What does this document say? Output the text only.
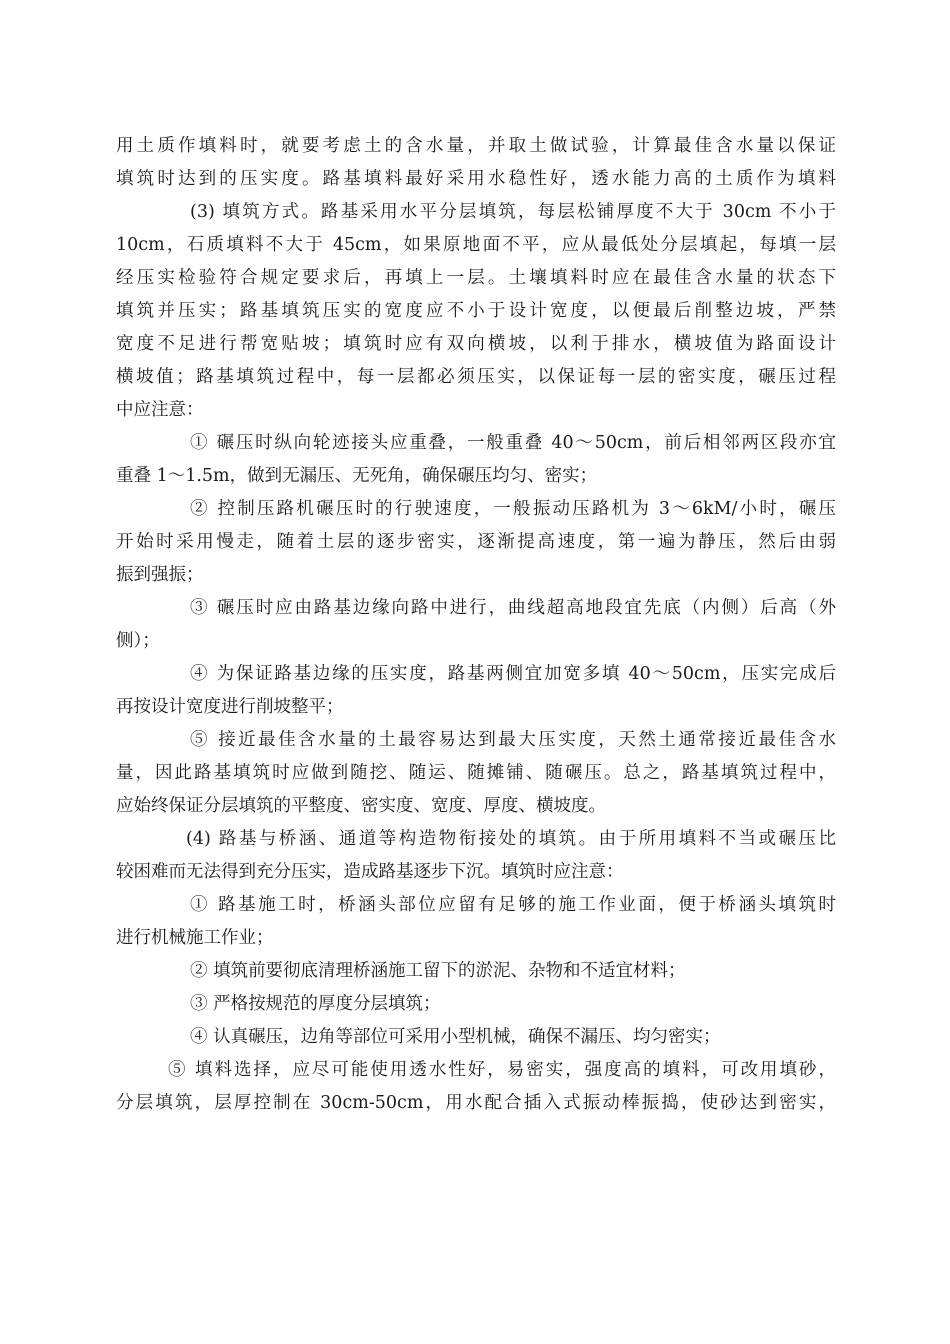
用土质作填料时，就要考虑土的含水量，并取土做试验，计算最佳含水量以保证
填筑时达到的压实度。路基填料最好采用水稳性好，透水能力高的土质作为填料
(3) 填筑方式。路基采用水平分层填筑，每层松铺厚度不大于 30cm 不小于
10cm，石质填料不大于 45cm，如果原地面不平，应从最低处分层填起，每填一层
经压实检验符合规定要求后，再填上一层。土壤填料时应在最佳含水量的状态下
填筑并压实；路基填筑压实的宽度应不小于设计宽度，以便最后削整边坡，严禁
宽度不足进行帮宽贴坡；填筑时应有双向横坡，以利于排水，横坡值为路面设计
横坡值；路基填筑过程中，每一层都必须压实，以保证每一层的密实度，碾压过程
中应注意：
① 碾压时纵向轮迹接头应重叠，一般重叠 40～50cm，前后相邻两区段亦宜
重叠 1～1.5m，做到无漏压、无死角，确保碾压均匀、密实；
② 控制压路机碾压时的行驶速度，一般振动压路机为 3～6kM/小时，碾压
开始时采用慢走，随着土层的逐步密实，逐渐提高速度，第一遍为静压，然后由弱
振到强振；
③ 碾压时应由路基边缘向路中进行，曲线超高地段宜先底（内侧）后高（外
侧）；
④ 为保证路基边缘的压实度，路基两侧宜加宽多填 40～50cm，压实完成后
再按设计宽度进行削坡整平；
⑤ 接近最佳含水量的土最容易达到最大压实度，天然土通常接近最佳含水
量，因此路基填筑时应做到随挖、随运、随摊铺、随碾压。总之，路基填筑过程中，
应始终保证分层填筑的平整度、密实度、宽度、厚度、横坡度。
(4) 路基与桥涵、通道等构造物衔接处的填筑。由于所用填料不当或碾压比
较困难而无法得到充分压实，造成路基逐步下沉。填筑时应注意：
① 路基施工时，桥涵头部位应留有足够的施工作业面，便于桥涵头填筑时
进行机械施工作业；
② 填筑前要彻底清理桥涵施工留下的淤泥、杂物和不适宜材料；
③ 严格按规范的厚度分层填筑；
④ 认真碾压，边角等部位可采用小型机械，确保不漏压、均匀密实；
⑤ 填料选择，应尽可能使用透水性好，易密实，强度高的填料，可改用填砂，
分层填筑，层厚控制在 30cm-50cm，用水配合插入式振动棒振捣，使砂达到密实，
